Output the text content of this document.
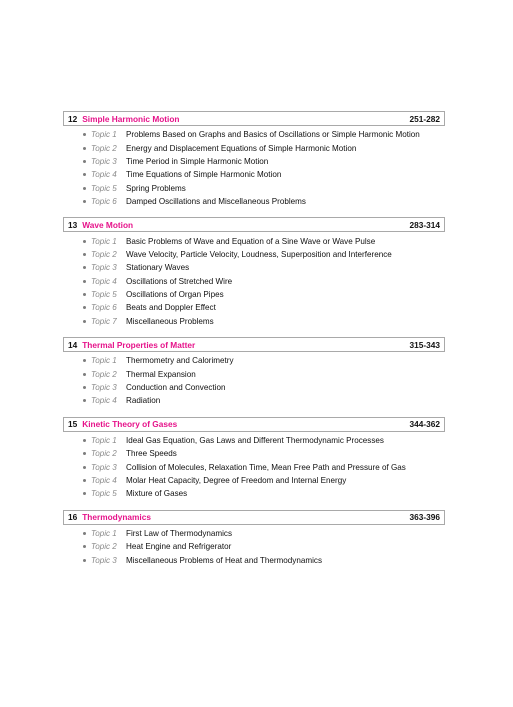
12 Simple Harmonic Motion	251-282
Topic 1	Problems Based on Graphs and Basics of Oscillations or Simple Harmonic Motion
Topic 2	Energy and Displacement Equations of Simple Harmonic Motion
Topic 3	Time Period in Simple Harmonic Motion
Topic 4	Time Equations of Simple Harmonic Motion
Topic 5	Spring Problems
Topic 6	Damped Oscillations and Miscellaneous Problems
13 Wave Motion	283-314
Topic 1	Basic Problems of Wave and Equation of a Sine Wave or Wave Pulse
Topic 2	Wave Velocity, Particle Velocity, Loudness, Superposition and Interference
Topic 3	Stationary Waves
Topic 4	Oscillations of Stretched Wire
Topic 5	Oscillations of Organ Pipes
Topic 6	Beats and Doppler Effect
Topic 7	Miscellaneous Problems
14 Thermal Properties of Matter	315-343
Topic 1	Thermometry and Calorimetry
Topic 2	Thermal Expansion
Topic 3	Conduction and Convection
Topic 4	Radiation
15 Kinetic Theory of Gases	344-362
Topic 1	Ideal Gas Equation, Gas Laws and Different Thermodynamic Processes
Topic 2	Three Speeds
Topic 3	Collision of Molecules, Relaxation Time, Mean Free Path and Pressure of Gas
Topic 4	Molar Heat Capacity, Degree of Freedom and Internal Energy
Topic 5	Mixture of Gases
16 Thermodynamics	363-396
Topic 1	First Law of Thermodynamics
Topic 2	Heat Engine and Refrigerator
Topic 3	Miscellaneous Problems of Heat and Thermodynamics
